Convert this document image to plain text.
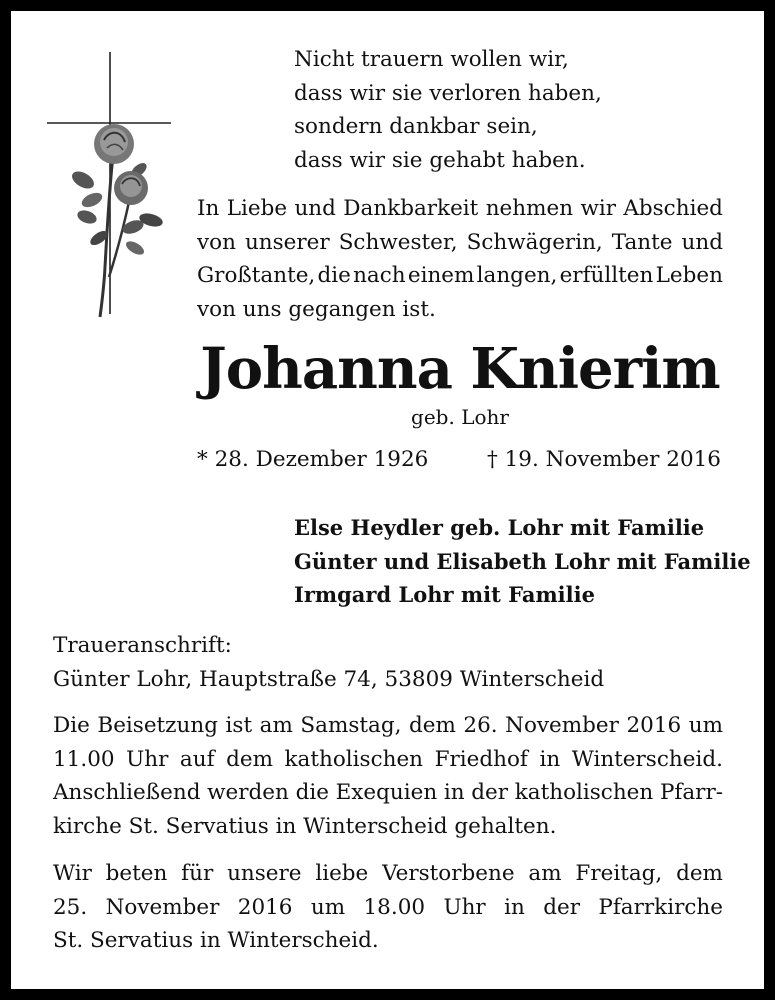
Nicht trauern wollen wir,
dass wir sie verloren haben,
sondern dankbar sein,
dass wir sie gehabt haben.
In Liebe und Dankbarkeit nehmen wir Abschied
von unserer Schwester, Schwägerin, Tante und
Großtante, die nach einem langen, erfüllten Leben
von uns gegangen ist.
Johanna Knierim
geb. Lohr
* 28. Dezember 1926	† 19. November 2016
Else Heydler geb. Lohr mit Familie
Günter und Elisabeth Lohr mit Familie
Irmgard Lohr mit Familie
Traueranschrift:
Günter Lohr, Hauptstraße 74, 53809 Winterscheid
Die Beisetzung ist am Samstag, dem 26. November 2016 um
11.00 Uhr auf dem katholischen Friedhof in Winterscheid.
Anschließend werden die Exequien in der katholischen Pfarr-
kirche St. Servatius in Winterscheid gehalten.
Wir beten für unsere liebe Verstorbene am Freitag, dem
25. November 2016 um 18.00 Uhr in der Pfarrkirche
St. Servatius in Winterscheid.
